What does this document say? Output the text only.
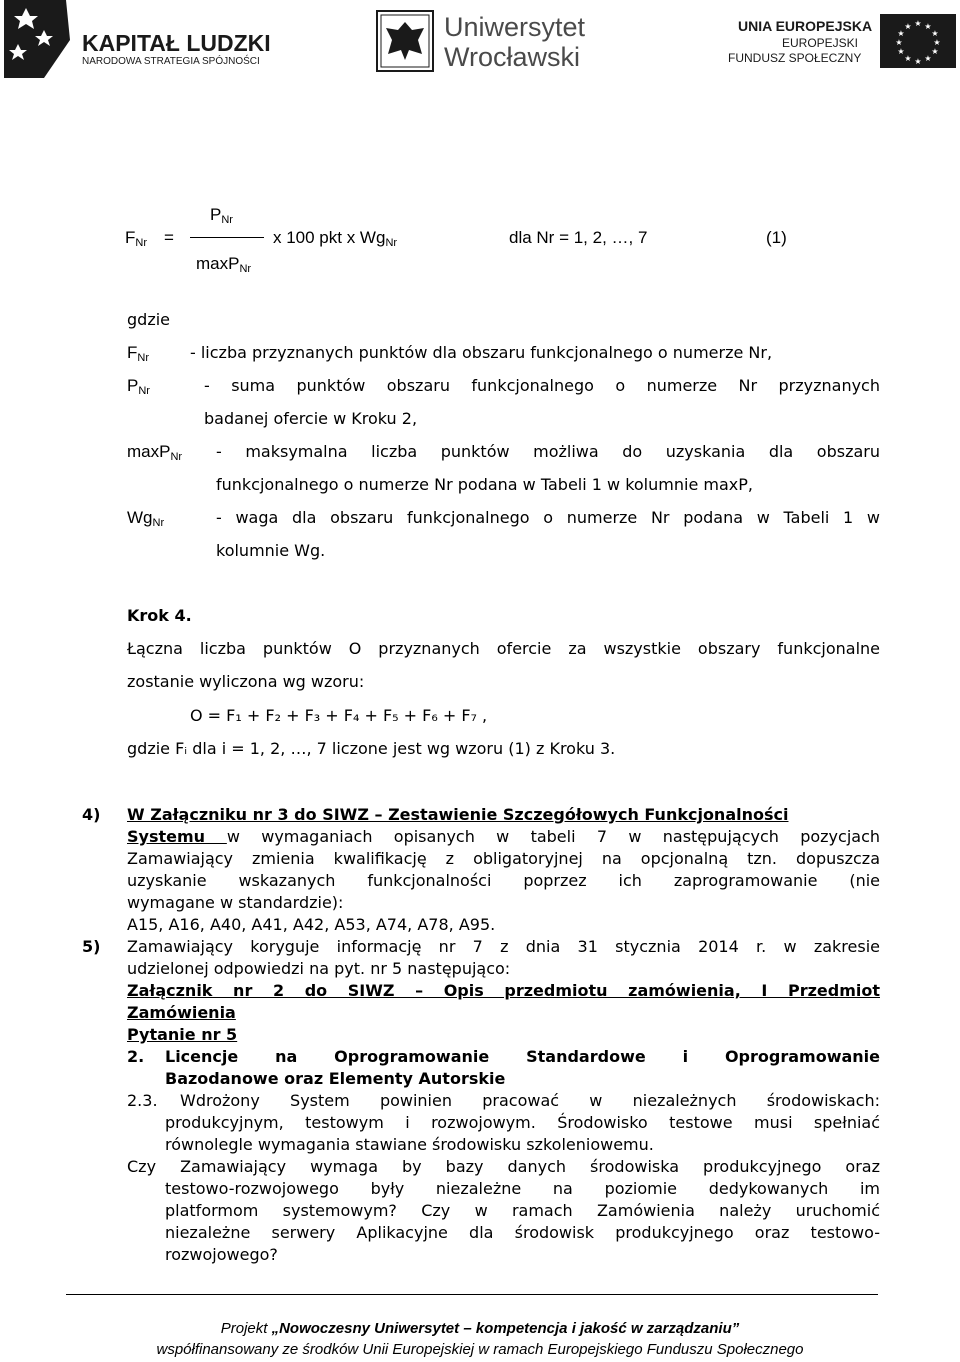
KAPITAŁ LUDZKI
NARODOWA STRATEGIA SPÓJNOŚCI
Uniwersytet
Wrocławski
UNIA EUROPEJSKA
EUROPEJSKI
FUNDUSZ SPOŁECZNY
★ ★
★
★
★
★
★
★
★
★
★
★
$P_{Nr}$
$F_{Nr}$ =	x 100 pkt x $Wg_{Nr}$
maxP$_{Nr}$
dla Nr = 1, 2, …, 7	(1)
gdzie
$F_{Nr}$	- liczba przyznanych punktów dla obszaru funkcjonalnego o numerze Nr,
$P_{Nr}$	- suma punktów obszaru funkcjonalnego o numerze Nr przyznanych
badanej ofercie w Kroku 2,
maxP$_{Nr}$ - maksymalna liczba punktów możliwa do uzyskania dla obszaru
funkcjonalnego o numerze Nr podana w Tabeli 1 w kolumnie maxP,
$Wg_{Nr}$	- waga dla obszaru funkcjonalnego o numerze Nr podana w Tabeli 1 w
kolumnie Wg.
Krok 4.
Łączna liczba punktów O przyznanych ofercie za wszystkie obszary funkcjonalne
zostanie wyliczona wg wzoru:
O = F₁ + F₂ + F₃ + F₄ + F₅ + F₆ + F₇ ,
gdzie Fᵢ dla i = 1, 2, …, 7 liczone jest wg wzoru (1) z Kroku 3.
4) W Załączniku nr 3 do SIWZ – Zestawienie Szczegółowych Funkcjonalności
Systemu w wymaganiach opisanych w tabeli 7 w następujących pozycjach
Zamawiający zmienia kwalifikację z obligatoryjnej na opcjonalną tzn. dopuszcza
uzyskanie wskazanych funkcjonalności poprzez ich zaprogramowanie (nie
wymagane w standardzie):
A15, A16, A40, A41, A42, A53, A74, A78, A95.
5) Zamawiający koryguje informację nr 7 z dnia 31 stycznia 2014 r. w zakresie
udzielonej odpowiedzi na pyt. nr 5 następująco:
Załącznik nr 2 do SIWZ – Opis przedmiotu zamówienia, I Przedmiot
Zamówienia
Pytanie nr 5
2. Licencje na Oprogramowanie Standardowe i Oprogramowanie
Bazodanowe oraz Elementy Autorskie
2.3. Wdrożony System powinien pracować w niezależnych środowiskach:
produkcyjnym, testowym i rozwojowym. Środowisko testowe musi spełniać
równolegle wymagania stawiane środowisku szkoleniowemu.
Czy Zamawiający wymaga by bazy danych środowiska produkcyjnego oraz
testowo-rozwojowego były niezależne na poziomie dedykowanych im
platformom systemowym? Czy w ramach Zamówienia należy uruchomić
niezależne serwery Aplikacyjne dla środowisk produkcyjnego oraz testowo-
rozwojowego?
Projekt „Nowoczesny Uniwersytet – kompetencja i jakość w zarządzaniu”
współfinansowany ze środków Unii Europejskiej w ramach Europejskiego Funduszu Społecznego
